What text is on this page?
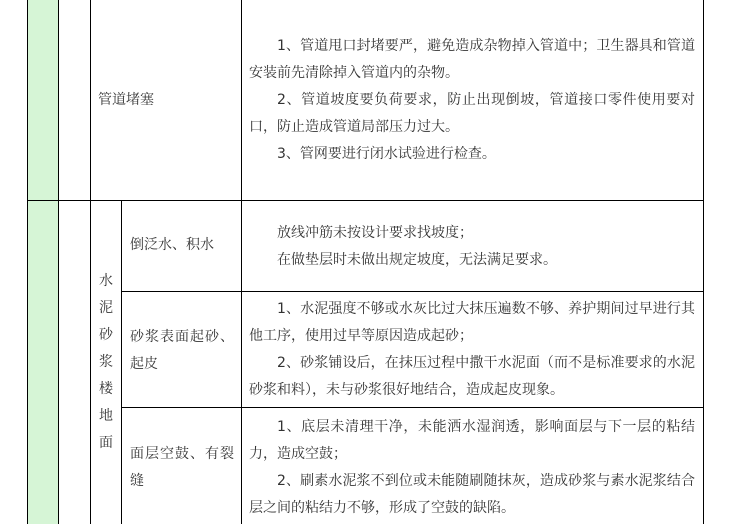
管道堵塞

1、管道甩口封堵要严，避免造成杂物掉入管道中；卫生器具和管道安装前先清除掉入管道内的杂物。

2、管道坡度要负荷要求，防止出现倒坡，管道接口零件使用要对口，防止造成管道局部压力过大。

3、管网要进行闭水试验进行检查。

水
泥
砂
浆
楼
地
面
倒泛水、积水

放线冲筋未按设计要求找坡度；

在做垫层时未做出规定坡度，无法满足要求。

砂浆表面起砂、起皮

1、水泥强度不够或水灰比过大抹压遍数不够、养护期间过早进行其他工序，使用过早等原因造成起砂；

2、砂浆铺设后，在抹压过程中撒干水泥面（而不是标准要求的水泥砂浆和料），未与砂浆很好地结合，造成起皮现象。

面层空鼓、有裂缝

1、底层未清理干净，未能洒水湿润透，影响面层与下一层的粘结力，造成空鼓；

2、刷素水泥浆不到位或未能随刷随抹灰，造成砂浆与素水泥浆结合层之间的粘结力不够，形成了空鼓的缺陷。
